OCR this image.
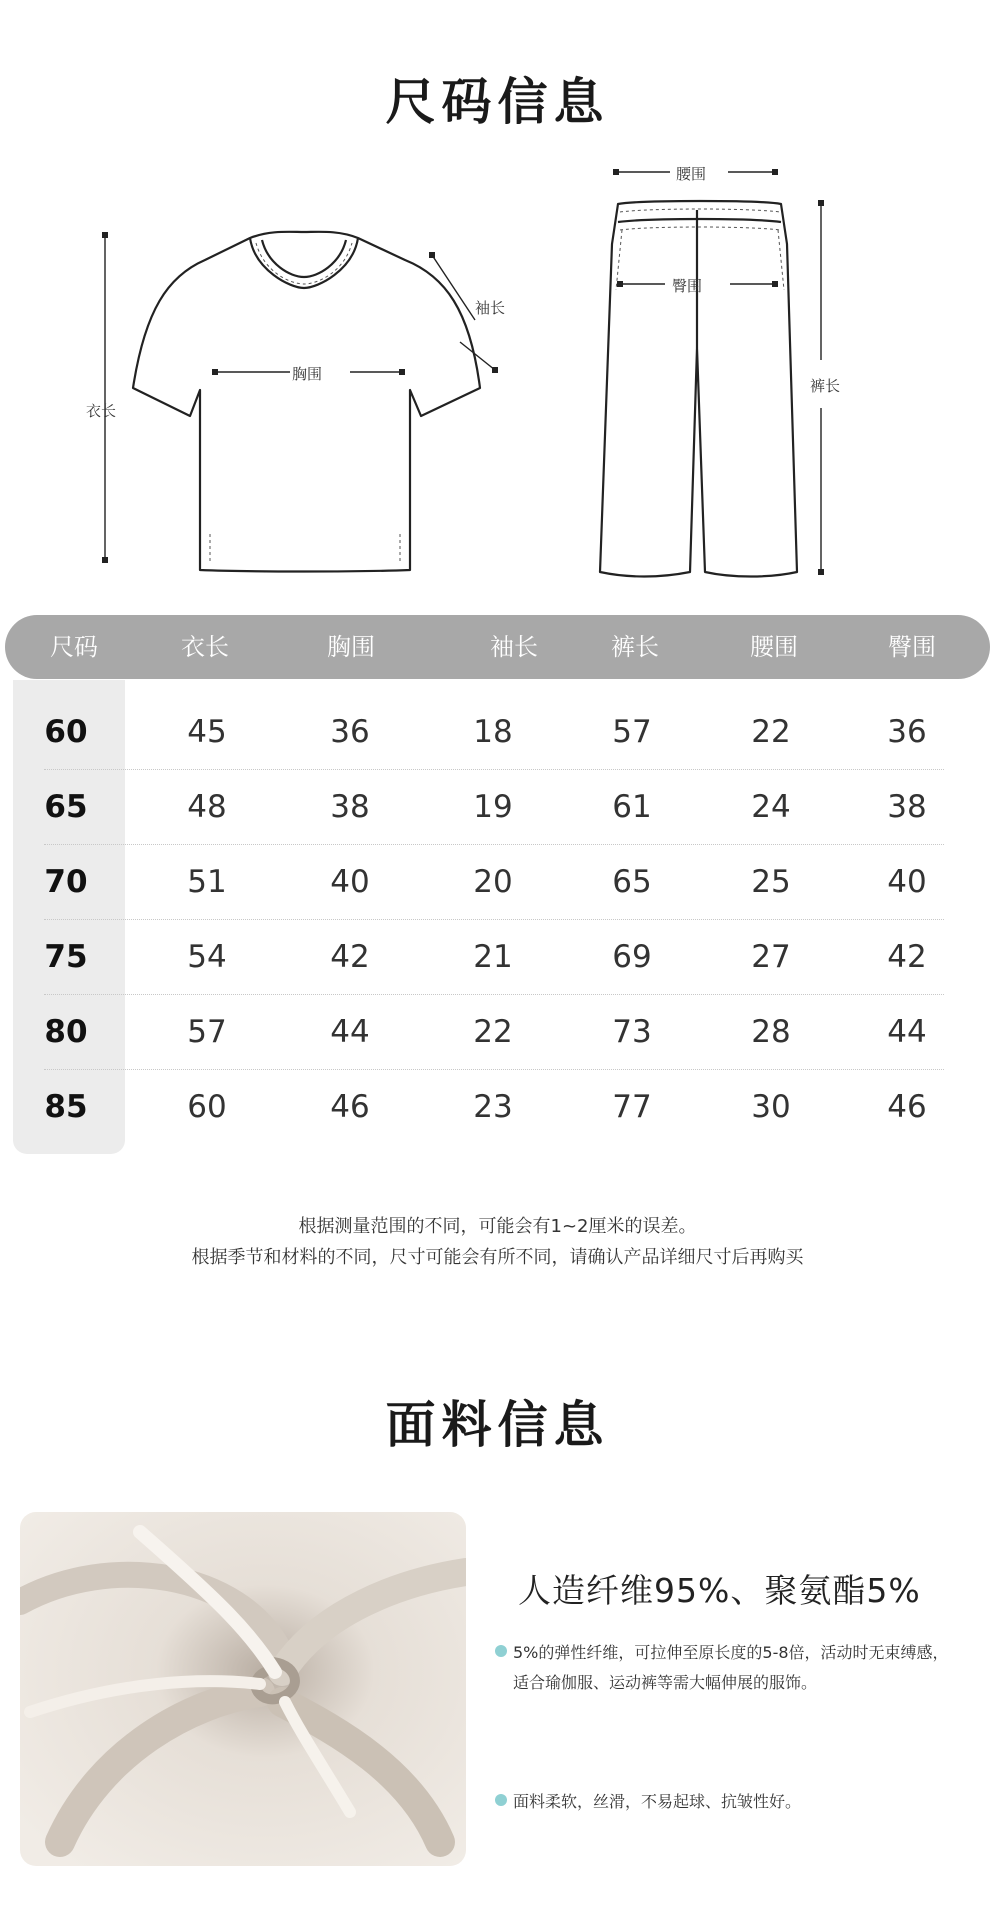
尺码信息
衣长
胸围
袖长
腰围
臀围
裤长
尺码	衣长	胸围	袖长	裤长	腰围	臀围
60	45	36	18	57	22	36
65	48	38	19	61	24	38
70	51	40	20	65	25	40
75	54	42	21	69	27	42
80	57	44	22	73	28	44
85	60	46	23	77	30	46
根据测量范围的不同，可能会有1~2厘米的误差。
根据季节和材料的不同，尺寸可能会有所不同，请确认产品详细尺寸后再购买
面料信息
人造纤维95%、聚氨酯5%
5%的弹性纤维，可拉伸至原长度的5-8倍，活动时无束缚感，
适合瑜伽服、运动裤等需大幅伸展的服饰。
面料柔软，丝滑，不易起球、抗皱性好。
